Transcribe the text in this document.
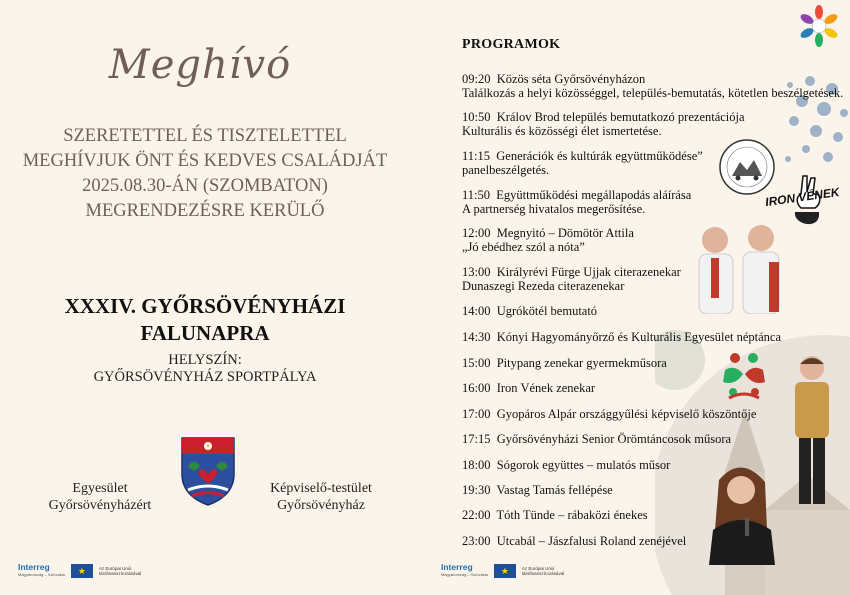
Meghívó
SZERETETTEL ÉS TISZTELETTEL
MEGHÍVJUK ÖNT ÉS KEDVES CSALÁDJÁT
2025.08.30-ÁN (SZOMBATON)
MEGRENDEZÉSRE KERÜLŐ
XXXIV. GYŐRSÖVÉNYHÁZI
FALUNAPRA
HELYSZÍN:
GYŐRSÖVÉNYHÁZ SPORTPÁLYA
Egyesület
Győrsövényházért
Képviselő-testület
Győrsövényház
Interreg
Magyarország – Szlovákia	★	Az Európai Unió
társfinanszírozásával
IRON VÉNEK
PROGRAMOK
09:20 Közös séta Győrsövényházon
Találkozás a helyi közösséggel, település-bemutatás, kötetlen beszélgetések.
10:50 Králov Brod település bemutatkozó prezentációja
Kulturális és közösségi élet ismertetése.
11:15 Generációk és kultúrák együttműködése”
panelbeszélgetés.
11:50 Együttműködési megállapodás aláírása
A partnerség hivatalos megerősítése.
12:00 Megnyitó – Dömötör Attila
„Jó ebédhez szól a nóta”
13:00 Királyrévi Fürge Ujjak citerazenekar
Dunaszegi Rezeda citerazenekar
14:00 Ugrókötél bemutató
14:30 Kónyi Hagyományőrző és Kulturális Egyesület néptánca
15:00 Pitypang zenekar gyermekműsora
16:00 Iron Vének zenekar
17:00 Gyopáros Alpár országgyűlési képviselő köszöntője
17:15 Győrsövényházi Senior Örömtáncosok műsora
18:00 Sógorok együttes – mulatós műsor
19:30 Vastag Tamás fellépése
22:00 Tóth Tünde – rábaközi énekes
23:00 Utcabál – Jászfalusi Roland zenéjével
Interreg
Magyarország – Szlovákia	★	Az Európai Unió
társfinanszírozásával
